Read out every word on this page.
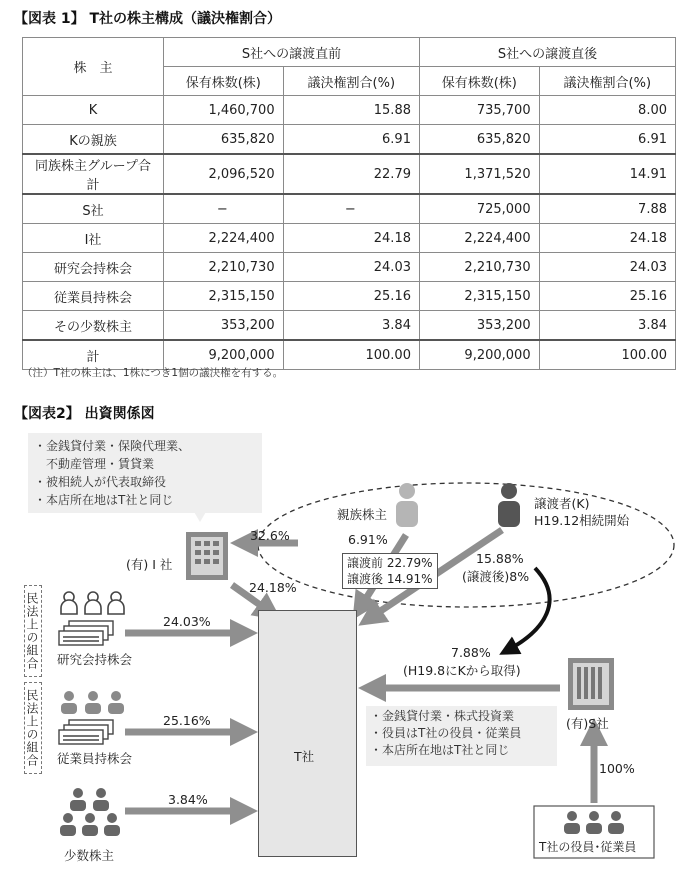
【図表 1】 T社の株主構成（議決権割合）
株　主	S社への譲渡直前		S社への譲渡直後	
	保有株数(株)	議決権割合(%)	保有株数(株)	議決権割合(%)
K	1,460,700	15.88	735,700	8.00
Kの親族	635,820	6.91	635,820	6.91
同族株主グループ合計	2,096,520	22.79	1,371,520	14.91
S社	−	−	725,000	7.88
I社	2,224,400	24.18	2,224,400	24.18
研究会持株会	2,210,730	24.03	2,210,730	24.03
従業員持株会	2,315,150	25.16	2,315,150	25.16
その少数株主	353,200	3.84	353,200	3.84
計	9,200,000	100.00	9,200,000	100.00
（注）T社の株主は、1株につき1個の議決権を有する。
【図表2】 出資関係図
・金銭貸付業・保険代理業、
　不動産管理・賃貸業
・被相続人が代表取締役
・本店所在地はT社と同じ
T社
(有) I 社
32.6%
24.18%
親族株主
6.91%
譲渡前 22.79%
譲渡後 14.91%
譲渡者(K)
H19.12相続開始
15.88%
(譲渡後)8%
7.88%
(H19.8にKから取得)
・金銭貸付業・株式投資業
・役員はT社の役員・従業員
・本店所在地はT社と同じ
(有)S社
民法上の組合 研究会持株会
24.03%
民法上の組合 従業員持株会
25.16%
少数株主
3.84%
100%
T社の役員･従業員
